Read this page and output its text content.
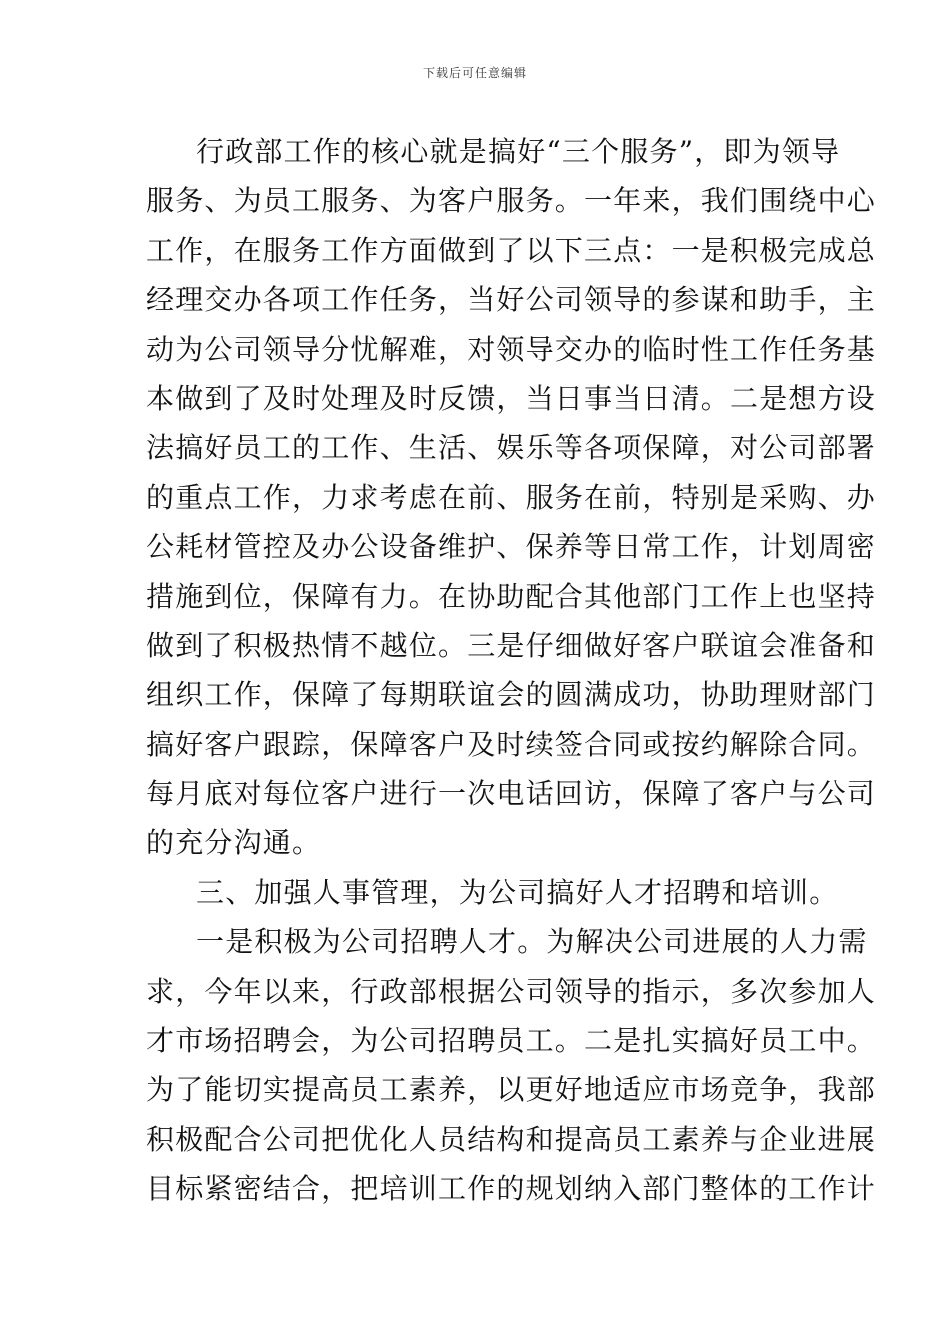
下载后可任意编辑
行政部工作的核心就是搞好“三个服务”，即为领导
服务、为员工服务、为客户服务。一年来，我们围绕中心
工作，在服务工作方面做到了以下三点：一是积极完成总
经理交办各项工作任务，当好公司领导的参谋和助手，主
动为公司领导分忧解难，对领导交办的临时性工作任务基
本做到了及时处理及时反馈，当日事当日清。二是想方设
法搞好员工的工作、生活、娱乐等各项保障，对公司部署
的重点工作，力求考虑在前、服务在前，特别是采购、办
公耗材管控及办公设备维护、保养等日常工作，计划周密
措施到位，保障有力。在协助配合其他部门工作上也坚持
做到了积极热情不越位。三是仔细做好客户联谊会准备和
组织工作，保障了每期联谊会的圆满成功，协助理财部门
搞好客户跟踪，保障客户及时续签合同或按约解除合同。
每月底对每位客户进行一次电话回访，保障了客户与公司
的充分沟通。
三、加强人事管理，为公司搞好人才招聘和培训。
一是积极为公司招聘人才。为解决公司进展的人力需
求，今年以来，行政部根据公司领导的指示，多次参加人
才市场招聘会，为公司招聘员工。二是扎实搞好员工中。
为了能切实提高员工素养，以更好地适应市场竞争，我部
积极配合公司把优化人员结构和提高员工素养与企业进展
目标紧密结合，把培训工作的规划纳入部门整体的工作计
